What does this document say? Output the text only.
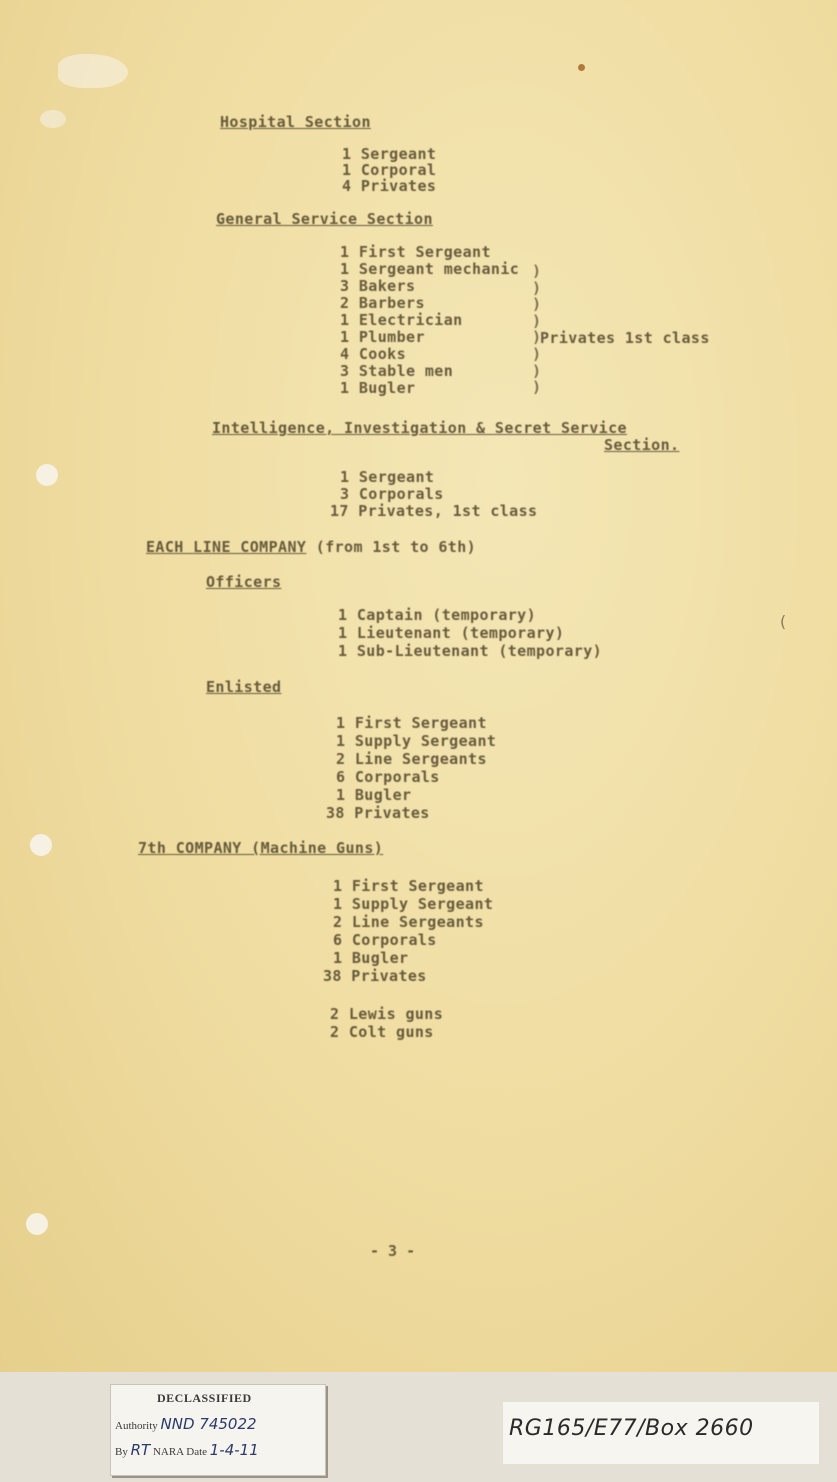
(
Hospital Section
1 Sergeant
1 Corporal
4 Privates
General Service Section
1 First Sergeant
1 Sergeant mechanic
3 Bakers
2 Barbers
1 Electrician
1 Plumber
4 Cooks
3 Stable men
1 Bugler
)
)
)
)
)
)
)
)
Privates 1st class
Intelligence, Investigation & Secret Service
Section.
1 Sergeant
3 Corporals
17 Privates, 1st class
EACH LINE COMPANY (from 1st to 6th)
Officers
1 Captain (temporary)
1 Lieutenant (temporary)
1 Sub-Lieutenant (temporary)
Enlisted
1 First Sergeant
1 Supply Sergeant
2 Line Sergeants
6 Corporals
1 Bugler
38 Privates
7th COMPANY (Machine Guns)
1 First Sergeant
1 Supply Sergeant
2 Line Sergeants
6 Corporals
1 Bugler
38 Privates
2 Lewis guns
2 Colt guns
- 3 -
DECLASSIFIED
Authority NND 745022
By RT NARA Date 1-4-11
RG165/E77/Box 2660
